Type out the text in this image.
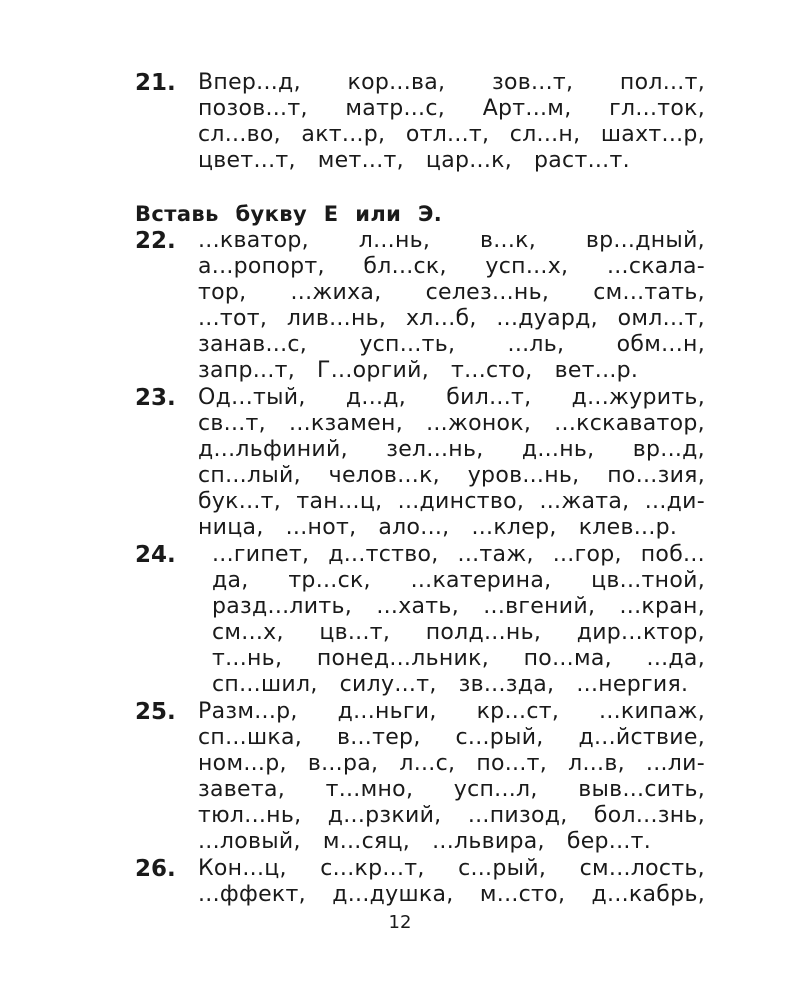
21. Впер...д, кор...ва, зов...т, пол...т,
позов...т, матр...с, Арт...м, гл...ток,
сл...во, акт...р, отл...т, сл...н, шахт...р,
цвет...т, мет...т, цар...к, раст...т.
Вставь букву Е или Э.
22. ...кватор, л...нь, в...к, вр...дный,
а...ропорт, бл...ск, усп...х, ...скала-
тор, ...жиха, селез...нь, см...тать,
...тот, лив...нь, хл...б, ...дуард, омл...т,
занав...с, усп...ть, ...ль, обм...н,
запр...т, Г...оргий, т...сто, вет...р.
23. Од...тый, д...д, бил...т, д...журить,
св...т, ...кзамен, ...жонок, ...кскаватор,
д...льфиний, зел...нь, д...нь, вр...д,
сп...лый, челов...к, уров...нь, по...зия,
бук...т, тан...ц, ...динство, ...жата, ...ди-
ница, ...нот, ало..., ...клер, клев...р.
24. ...гипет, д...тство, ...таж, ...гор, поб...
да, тр...ск, ...катерина, цв...тной,
разд...лить, ...хать, ...вгений, ...кран,
см...х, цв...т, полд...нь, дир...ктор,
т...нь, понед...льник, по...ма, ...да,
сп...шил, силу...т, зв...зда, ...нергия.
25. Разм...р, д...ньги, кр...ст, ...кипаж,
сп...шка, в...тер, с...рый, д...йствие,
ном...р, в...ра, л...с, по...т, л...в, ...ли-
завета, т...мно, усп...л, выв...сить,
тюл...нь, д...рзкий, ...пизод, бол...знь,
...ловый, м...сяц, ...львира, бер...т.
26. Кон...ц, с...кр...т, с...рый, см...лость,
...ффект, д...душка, м...сто, д...кабрь,
12
